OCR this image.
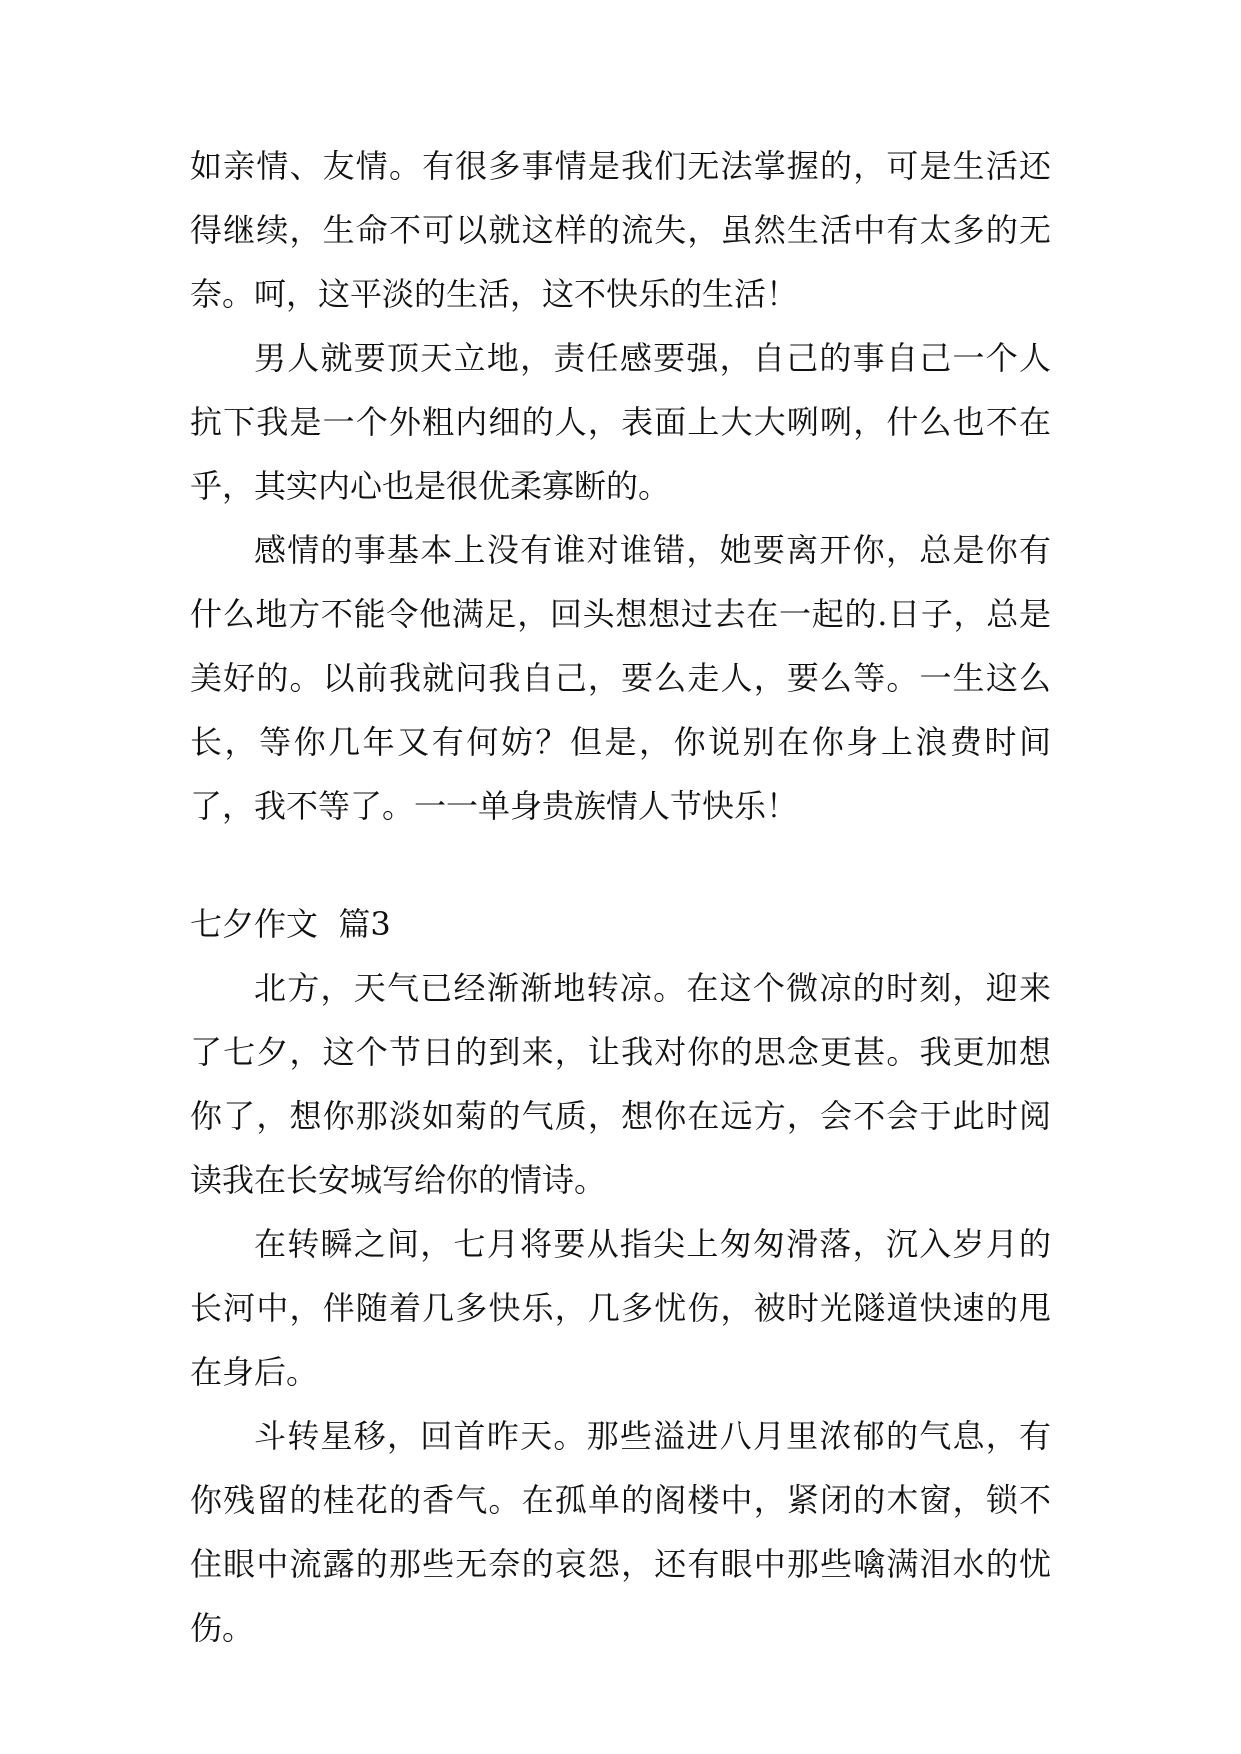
如亲情、友情。有很多事情是我们无法掌握的，可是生活还得继续，生命不可以就这样的流失，虽然生活中有太多的无奈。呵，这平淡的生活，这不快乐的生活！

男人就要顶天立地，责任感要强，自己的事自己一个人抗下我是一个外粗内细的人，表面上大大咧咧，什么也不在乎，其实内心也是很优柔寡断的。

感情的事基本上没有谁对谁错，她要离开你，总是你有什么地方不能令他满足，回头想想过去在一起的.日子，总是美好的。以前我就问我自己，要么走人，要么等。一生这么长，等你几年又有何妨？但是，你说别在你身上浪费时间了，我不等了。一一单身贵族情人节快乐！

七夕作文  篇3

北方，天气已经渐渐地转凉。在这个微凉的时刻，迎来了七夕，这个节日的到来，让我对你的思念更甚。我更加想你了，想你那淡如菊的气质，想你在远方，会不会于此时阅读我在长安城写给你的情诗。

在转瞬之间，七月将要从指尖上匆匆滑落，沉入岁月的长河中，伴随着几多快乐，几多忧伤，被时光隧道快速的甩在身后。

斗转星移，回首昨天。那些溢进八月里浓郁的气息，有你残留的桂花的香气。在孤单的阁楼中，紧闭的木窗，锁不住眼中流露的那些无奈的哀怨，还有眼中那些噙满泪水的忧伤。
